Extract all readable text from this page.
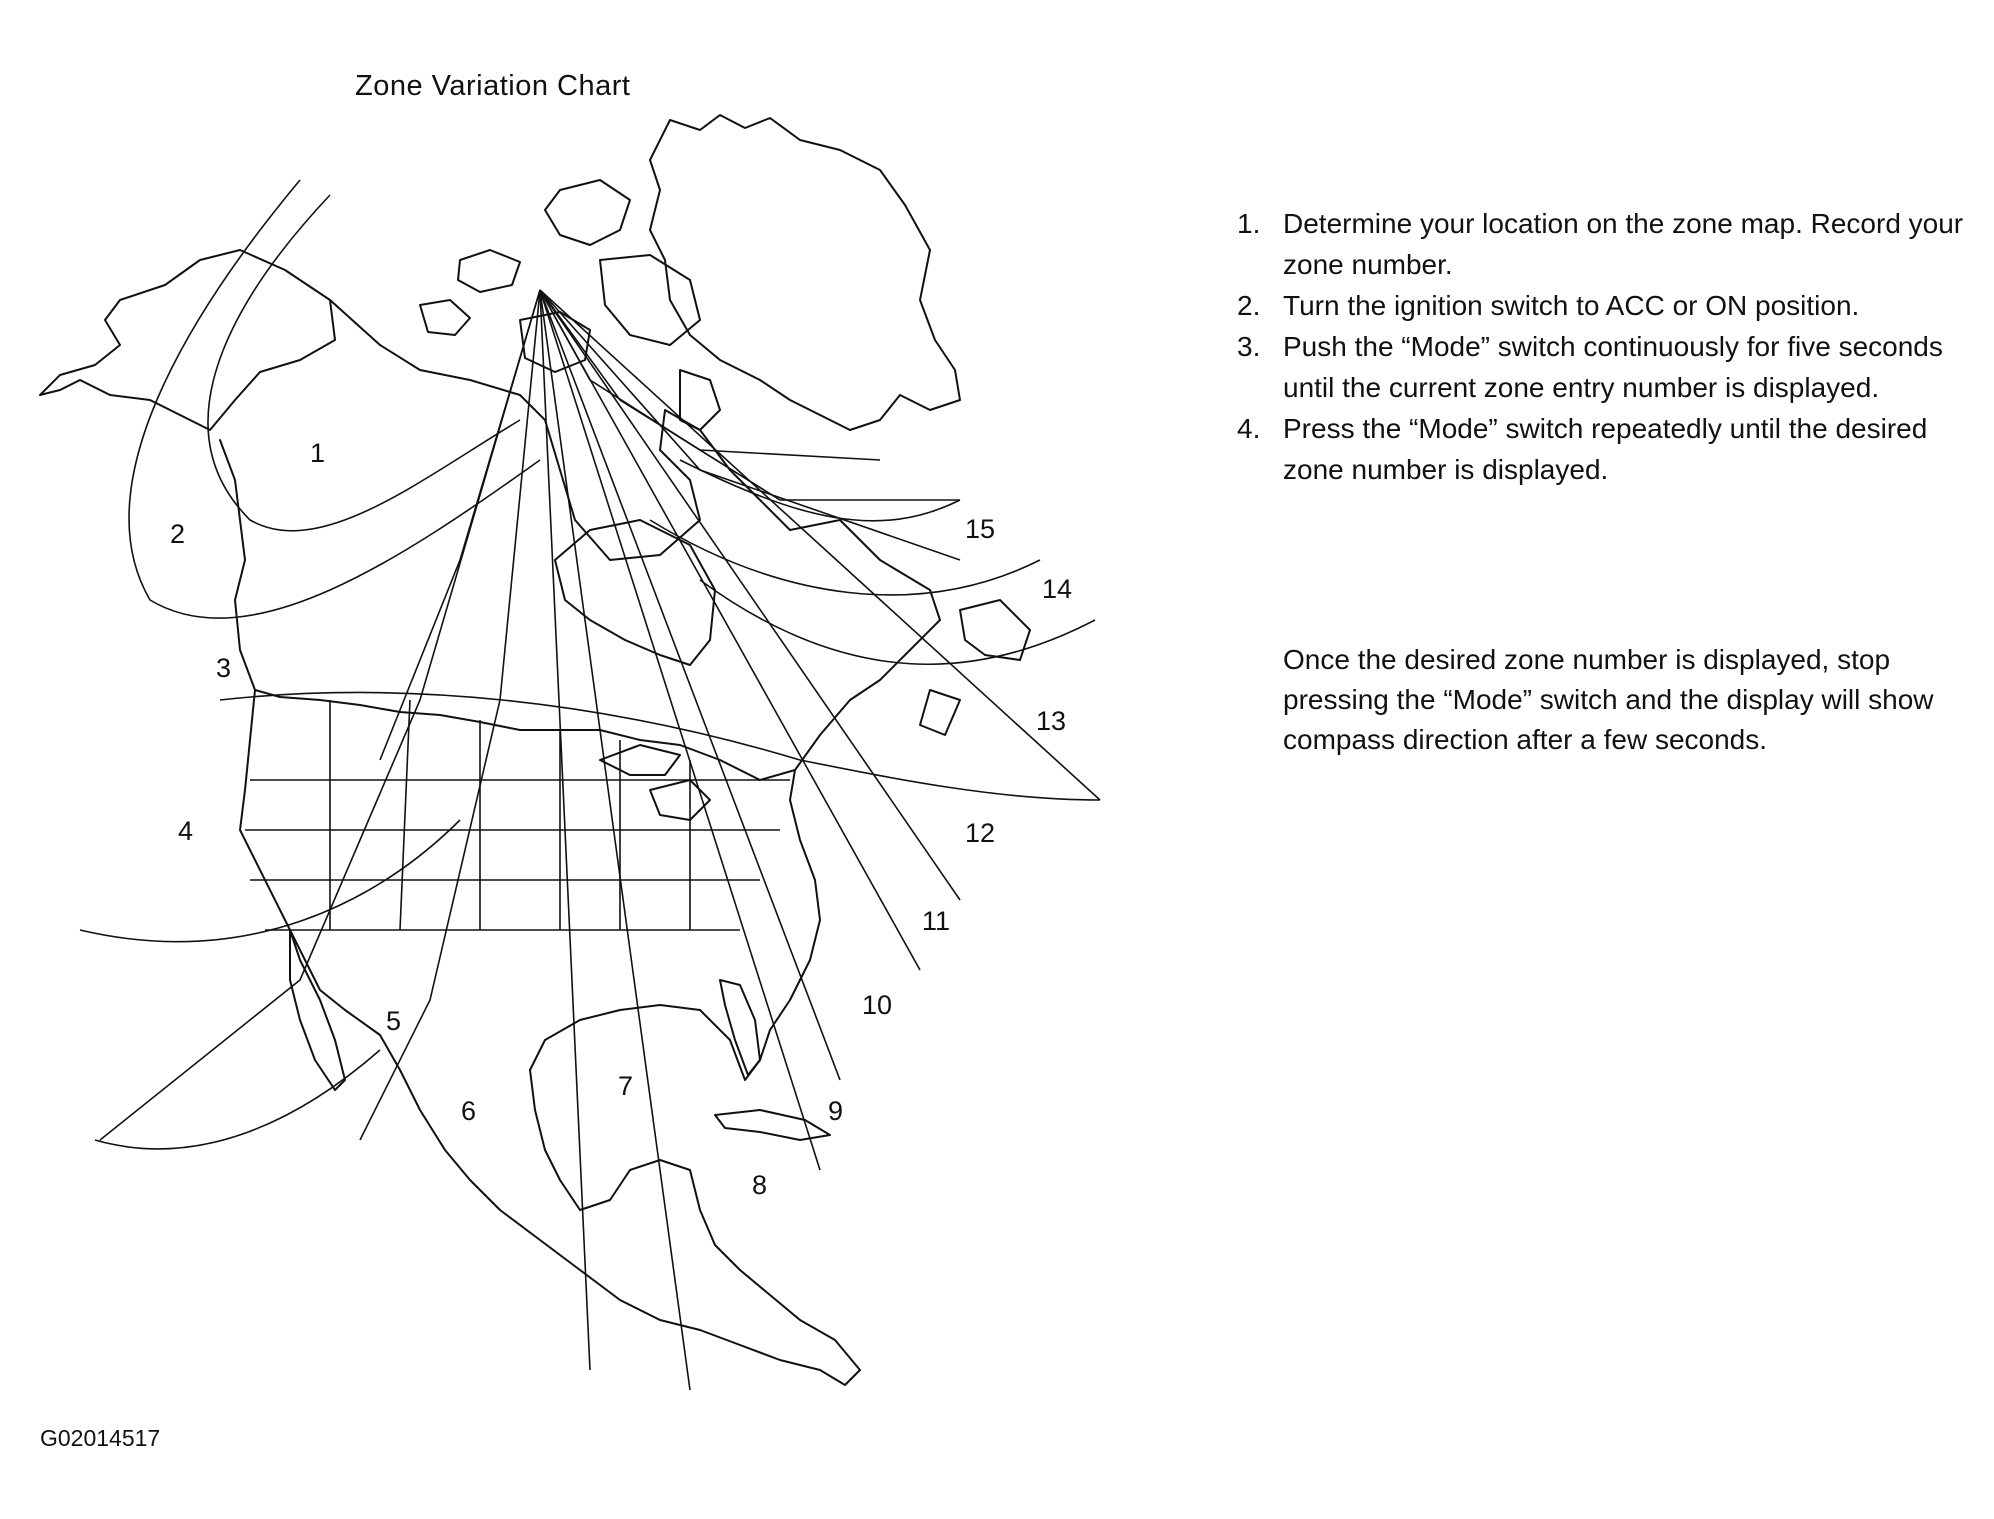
Zone Variation Chart
1
2
3
4
5
6
7
8
9
10
11
12
13
14
15
1. Determine your location on the zone map. Record your zone number.
2. Turn the ignition switch to ACC or ON position.
3. Push the “Mode” switch continuously for five seconds until the current zone entry number is displayed.
4. Press the “Mode” switch repeatedly until the desired zone number is displayed.
Once the desired zone number is displayed, stop pressing the “Mode” switch and the display will show compass direction after a few seconds.
G02014517
